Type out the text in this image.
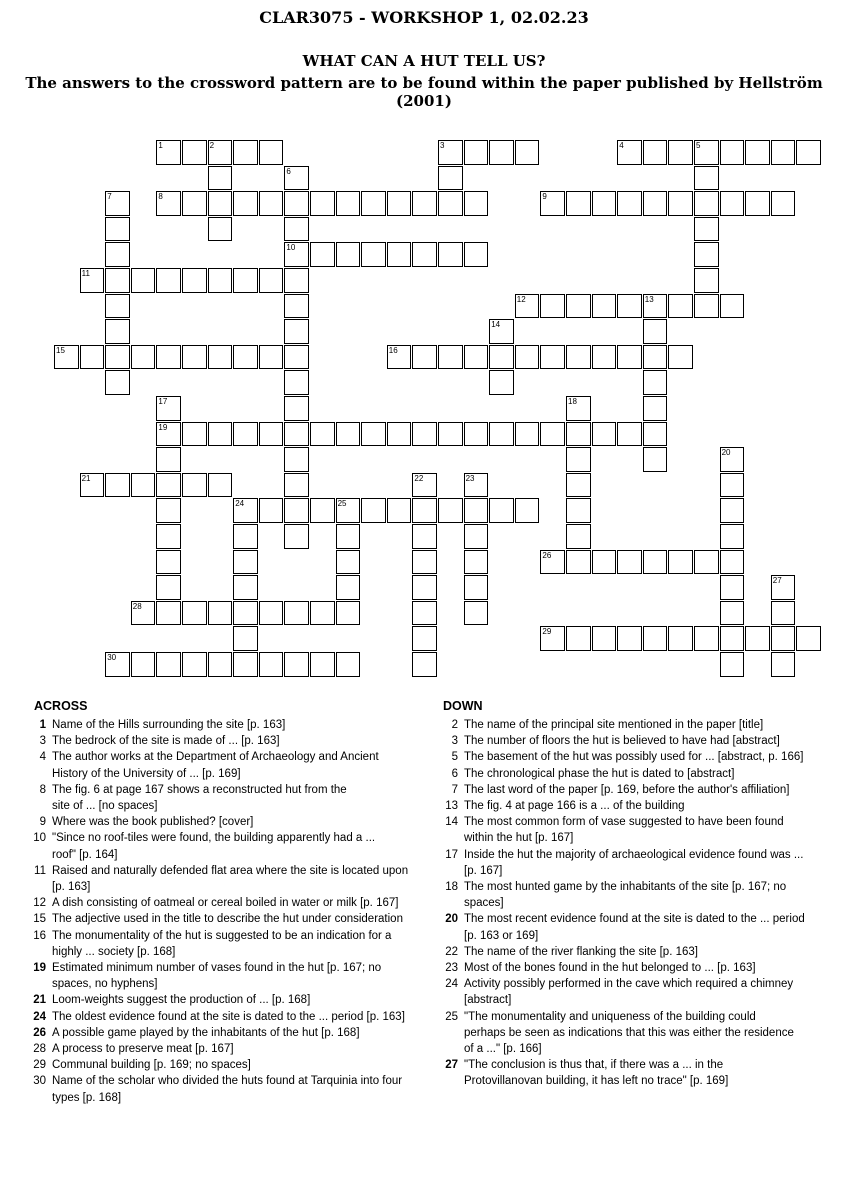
CLAR3075 - WORKSHOP 1, 02.02.23
WHAT CAN A HUT TELL US?
The answers to the crossword pattern are to be found within the paper published by Hellström (2001)
1	2	3	4	5
6
10
7	8	9
11
12	13
14
15	16
17
19
18
20
21	22	23
24	25
26
27
28
29
30
ACROSS	DOWN
1 Name of the Hills surrounding the site [p. 163]
3 The bedrock of the site is made of ... [p. 163]
4 The author works at the Department of Archaeology and Ancient
History of the University of ... [p. 169]
8 The fig. 6 at page 167 shows a reconstructed hut from the
site of ... [no spaces]
9 Where was the book published? [cover]
10 "Since no roof-tiles were found, the building apparently had a ...
roof" [p. 164]
11 Raised and naturally defended flat area where the site is located upon
[p. 163]
12 A dish consisting of oatmeal or cereal boiled in water or milk [p. 167]
15 The adjective used in the title to describe the hut under consideration
16 The monumentality of the hut is suggested to be an indication for a
highly ... society [p. 168]
19 Estimated minimum number of vases found in the hut [p. 167; no
spaces, no hyphens]
21 Loom-weights suggest the production of ... [p. 168]
24 The oldest evidence found at the site is dated to the ... period [p. 163]
26 A possible game played by the inhabitants of the hut [p. 168]
28 A process to preserve meat [p. 167]
29 Communal building [p. 169; no spaces]
30 Name of the scholar who divided the huts found at Tarquinia into four
types [p. 168]
2 The name of the principal site mentioned in the paper [title]
3 The number of floors the hut is believed to have had [abstract]
5 The basement of the hut was possibly used for ... [abstract, p. 166]
6 The chronological phase the hut is dated to [abstract]
7 The last word of the paper [p. 169, before the author's affiliation]
13 The fig. 4 at page 166 is a ... of the building
14 The most common form of vase suggested to have been found
within the hut [p. 167]
17 Inside the hut the majority of archaeological evidence found was ...
[p. 167]
18 The most hunted game by the inhabitants of the site [p. 167; no
spaces]
20 The most recent evidence found at the site is dated to the ... period
[p. 163 or 169]
22 The name of the river flanking the site [p. 163]
23 Most of the bones found in the hut belonged to ... [p. 163]
24 Activity possibly performed in the cave which required a chimney
[abstract]
25 "The monumentality and uniqueness of the building could
perhaps be seen as indications that this was either the residence
of a ..." [p. 166]
27 "The conclusion is thus that, if there was a ... in the
Protovillanovan building, it has left no trace" [p. 169]
